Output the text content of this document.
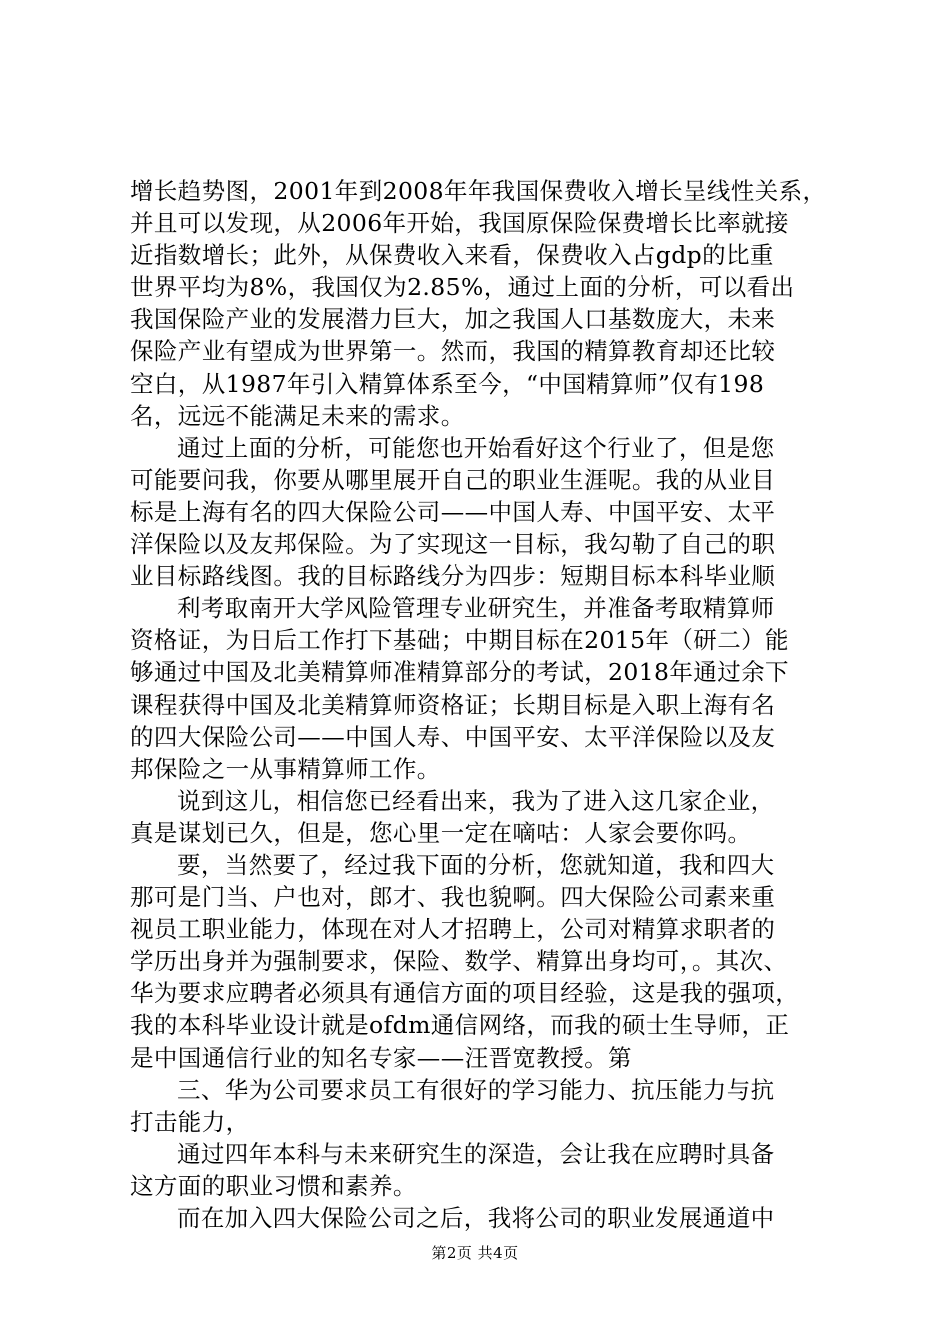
增长趋势图，2001年到2008年年我国保费收入增长呈线性关系，
并且可以发现，从2006年开始，我国原保险保费增长比率就接
近指数增长；此外，从保费收入来看，保费收入占gdp的比重
世界平均为8%，我国仅为2.85%，通过上面的分析，可以看出
我国保险产业的发展潜力巨大，加之我国人口基数庞大，未来
保险产业有望成为世界第一。然而，我国的精算教育却还比较
空白，从1987年引入精算体系至今，“中国精算师”仅有198
名，远远不能满足未来的需求。
通过上面的分析，可能您也开始看好这个行业了，但是您
可能要问我，你要从哪里展开自己的职业生涯呢。我的从业目
标是上海有名的四大保险公司——中国人寿、中国平安、太平
洋保险以及友邦保险。为了实现这一目标，我勾勒了自己的职
业目标路线图。我的目标路线分为四步：短期目标本科毕业顺
利考取南开大学风险管理专业研究生，并准备考取精算师
资格证，为日后工作打下基础；中期目标在2015年（研二）能
够通过中国及北美精算师准精算部分的考试，2018年通过余下
课程获得中国及北美精算师资格证；长期目标是入职上海有名
的四大保险公司——中国人寿、中国平安、太平洋保险以及友
邦保险之一从事精算师工作。
说到这儿，相信您已经看出来，我为了进入这几家企业，
真是谋划已久，但是，您心里一定在嘀咕：人家会要你吗。
要，当然要了，经过我下面的分析，您就知道，我和四大
那可是门当、户也对，郎才、我也貌啊。四大保险公司素来重
视员工职业能力，体现在对人才招聘上，公司对精算求职者的
学历出身并为强制要求，保险、数学、精算出身均可，。其次、
华为要求应聘者必须具有通信方面的项目经验，这是我的强项，
我的本科毕业设计就是ofdm通信网络，而我的硕士生导师，正
是中国通信行业的知名专家——汪晋宽教授。第
三、华为公司要求员工有很好的学习能力、抗压能力与抗
打击能力，
通过四年本科与未来研究生的深造，会让我在应聘时具备
这方面的职业习惯和素养。
而在加入四大保险公司之后，我将公司的职业发展通道中
第2页 共4页
